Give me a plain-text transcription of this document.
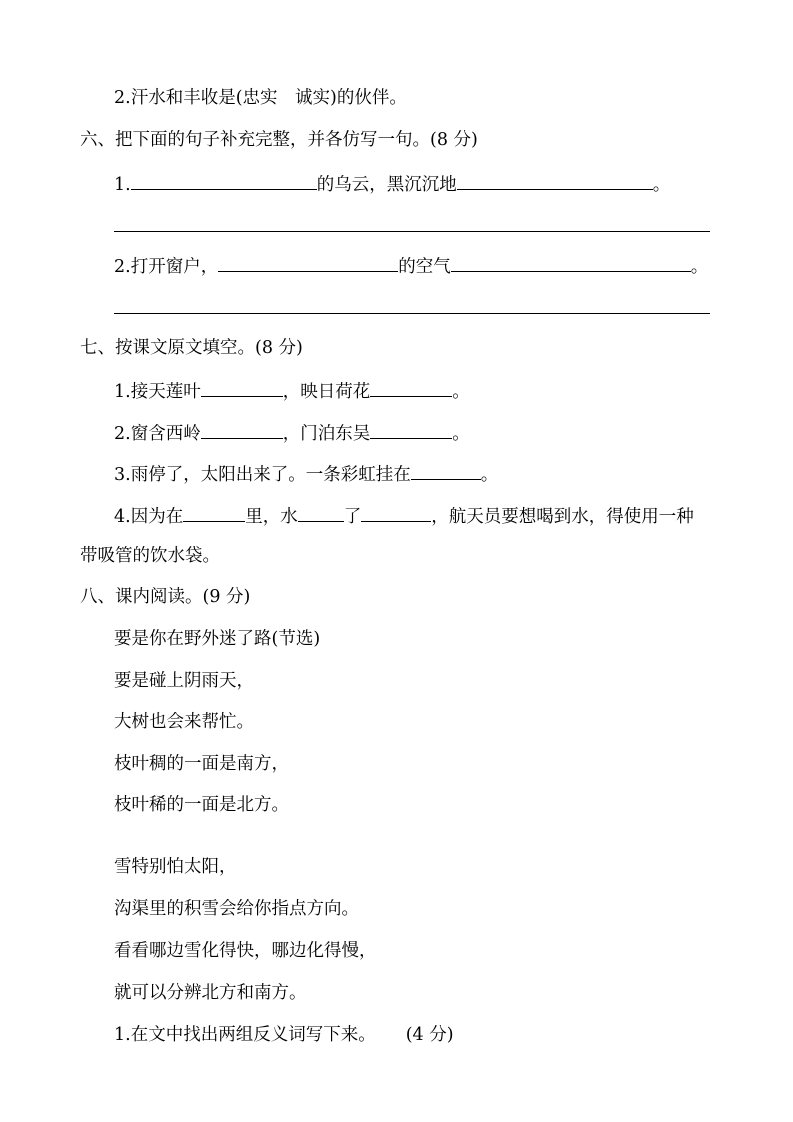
2.汗水和丰收是(忠实　诚实)的伙伴。
六、把下面的句子补充完整，并各仿写一句。(8 分)
1.	的乌云，黑沉沉地	。
2.打开窗户，	的空气	。
七、按课文原文填空。(8 分)
1.接天莲叶	，映日荷花	。
2.窗含西岭	，门泊东吴	。
3.雨停了，太阳出来了。一条彩虹挂在	。
4.因为在	里，水	了	，航天员要想喝到水，得使用一种
带吸管的饮水袋。
八、课内阅读。(9 分)
要是你在野外迷了路(节选)
要是碰上阴雨天，
大树也会来帮忙。
枝叶稠的一面是南方，
枝叶稀的一面是北方。
雪特别怕太阳，
沟渠里的积雪会给你指点方向。
看看哪边雪化得快，哪边化得慢，
就可以分辨北方和南方。
1.在文中找出两组反义词写下来。 (4 分)
